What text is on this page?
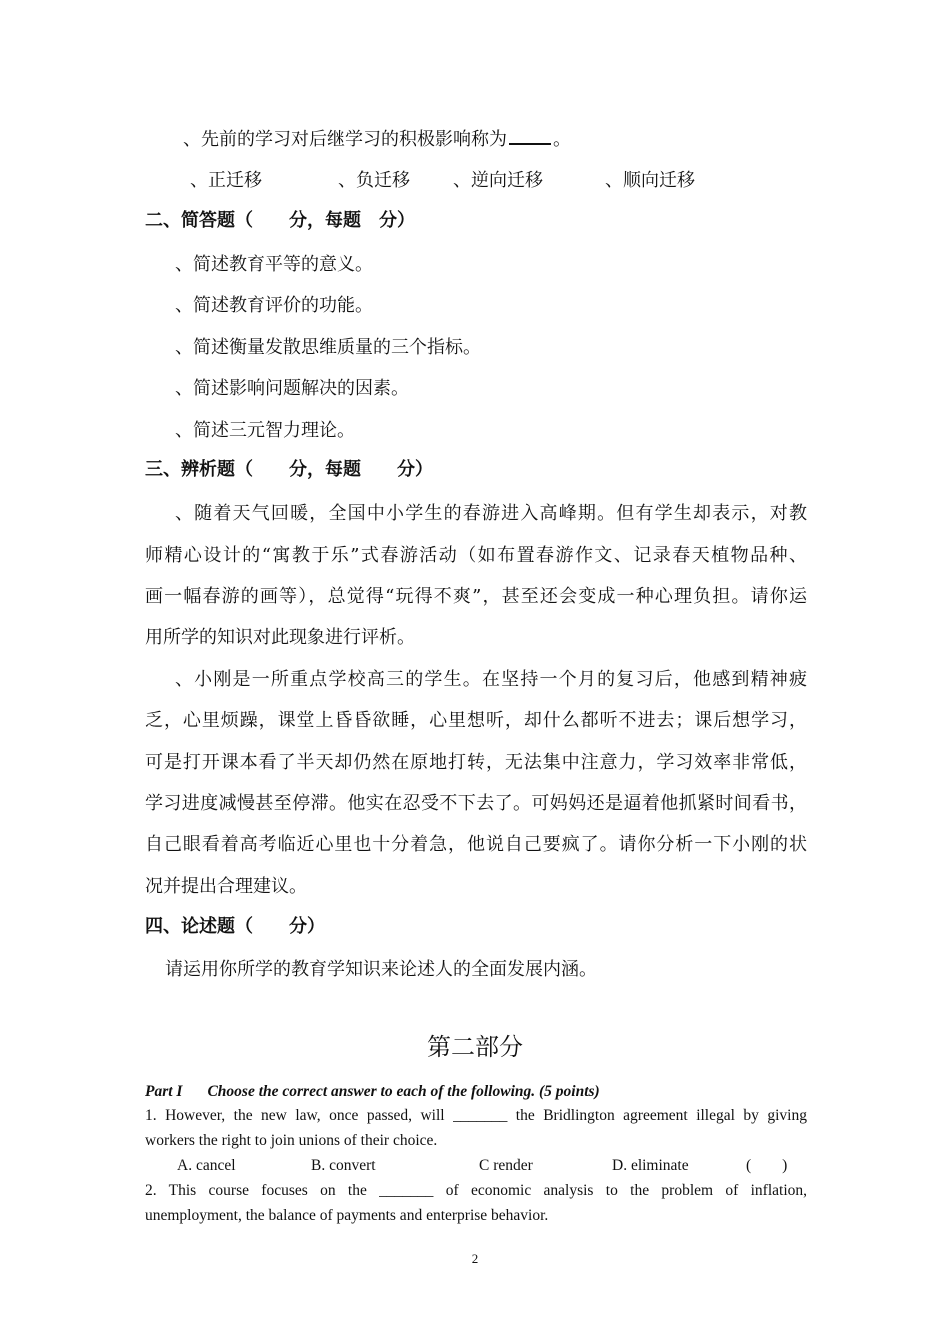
、先前的学习对后继学习的积极影响称为	。
、正迁移	、负迁移 、逆向迁移	、顺向迁移
二、简答题（　　分，每题　分）
、简述教育平等的意义。
、简述教育评价的功能。
、简述衡量发散思维质量的三个指标。
、简述影响问题解决的因素。
、简述三元智力理论。
三、辨析题（　　分，每题　　分）
、随着天气回暖，全国中小学生的春游进入高峰期。但有学生却表示，对教
师精心设计的“寓教于乐”式春游活动（如布置春游作文、记录春天植物品种、
画一幅春游的画等），总觉得“玩得不爽”，甚至还会变成一种心理负担。请你运
用所学的知识对此现象进行评析。
、小刚是一所重点学校高三的学生。在坚持一个月的复习后，他感到精神疲
乏，心里烦躁，课堂上昏昏欲睡，心里想听，却什么都听不进去；课后想学习，
可是打开课本看了半天却仍然在原地打转，无法集中注意力，学习效率非常低，
学习进度减慢甚至停滞。他实在忍受不下去了。可妈妈还是逼着他抓紧时间看书，
自己眼看着高考临近心里也十分着急，他说自己要疯了。请你分析一下小刚的状
况并提出合理建议。
四、论述题（　　分）
请运用你所学的教育学知识来论述人的全面发展内涵。
第二部分
Part I Choose the correct answer to each of the following. (5 points)
1. However, the new law, once passed, will _______ the Bridlington agreement illegal by giving
workers the right to join unions of their choice.
A. cancel	B. convert	C render	D. eliminate	(　　)
2. This course focuses on the _______ of economic analysis to the problem of inflation,
unemployment, the balance of payments and enterprise behavior.
2
